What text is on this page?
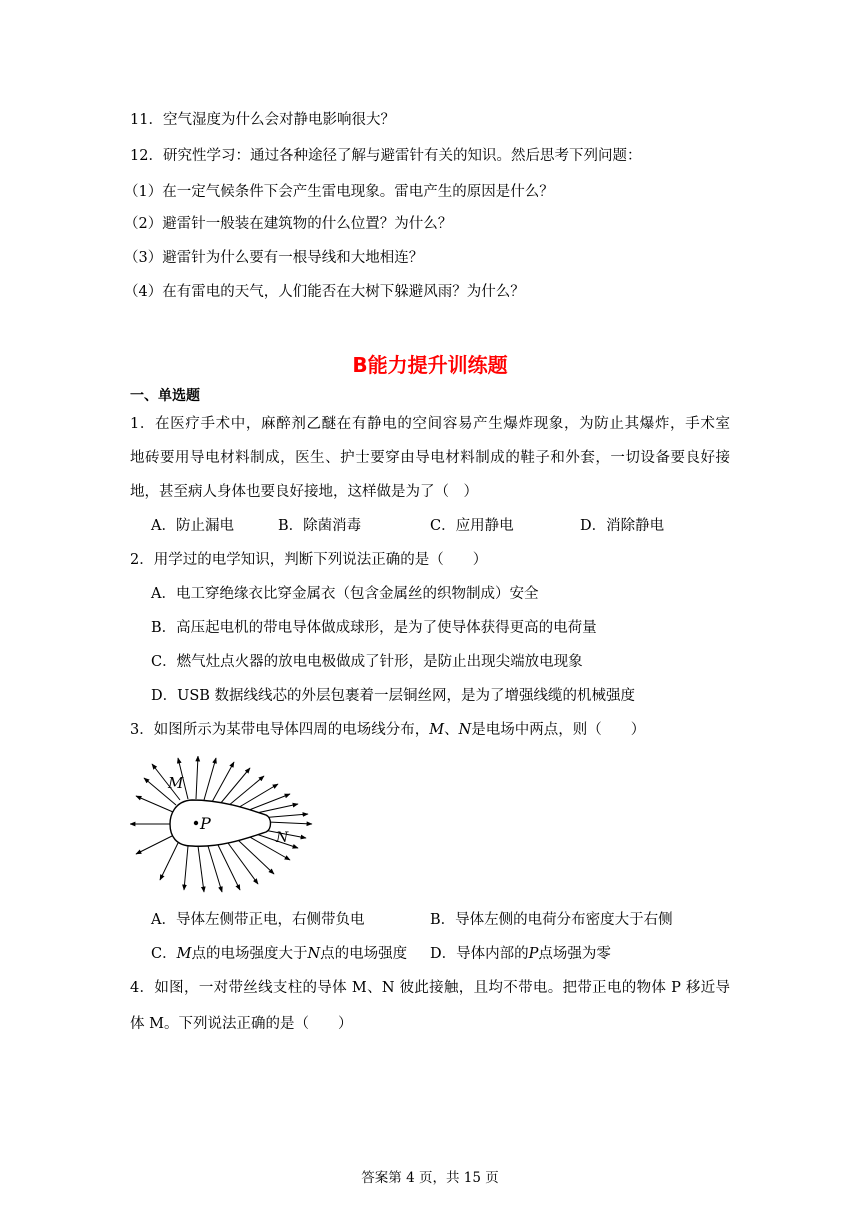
11．空气湿度为什么会对静电影响很大？
12．研究性学习：通过各种途径了解与避雷针有关的知识。然后思考下列问题：
（1）在一定气候条件下会产生雷电现象。雷电产生的原因是什么？
（2）避雷针一般装在建筑物的什么位置？为什么？
（3）避雷针为什么要有一根导线和大地相连？
（4）在有雷电的天气，人们能否在大树下躲避风雨？为什么？
B能力提升训练题
一、单选题
1．在医疗手术中，麻醉剂乙醚在有静电的空间容易产生爆炸现象，为防止其爆炸，手术室
地砖要用导电材料制成，医生、护士要穿由导电材料制成的鞋子和外套，一切设备要良好接
地，甚至病人身体也要良好接地，这样做是为了（　）
A．防止漏电	B．除菌消毒	C．应用静电	D．消除静电
2．用学过的电学知识，判断下列说法正确的是（　　）
A．电工穿绝缘衣比穿金属衣（包含金属丝的织物制成）安全
B．高压起电机的带电导体做成球形，是为了使导体获得更高的电荷量
C．燃气灶点火器的放电电极做成了针形，是防止出现尖端放电现象
D．USB 数据线线芯的外层包裹着一层铜丝网，是为了增强线缆的机械强度
3．如图所示为某带电导体四周的电场线分布，M、N是电场中两点，则（　　）
P
M
N
A．导体左侧带正电，右侧带负电	B．导体左侧的电荷分布密度大于右侧
C．M点的电场强度大于N点的电场强度 D．导体内部的P点场强为零
4．如图，一对带丝线支柱的导体 M、N 彼此接触，且均不带电。把带正电的物体 P 移近导
体 M。下列说法正确的是（　　）
答案第 4 页，共 15 页
